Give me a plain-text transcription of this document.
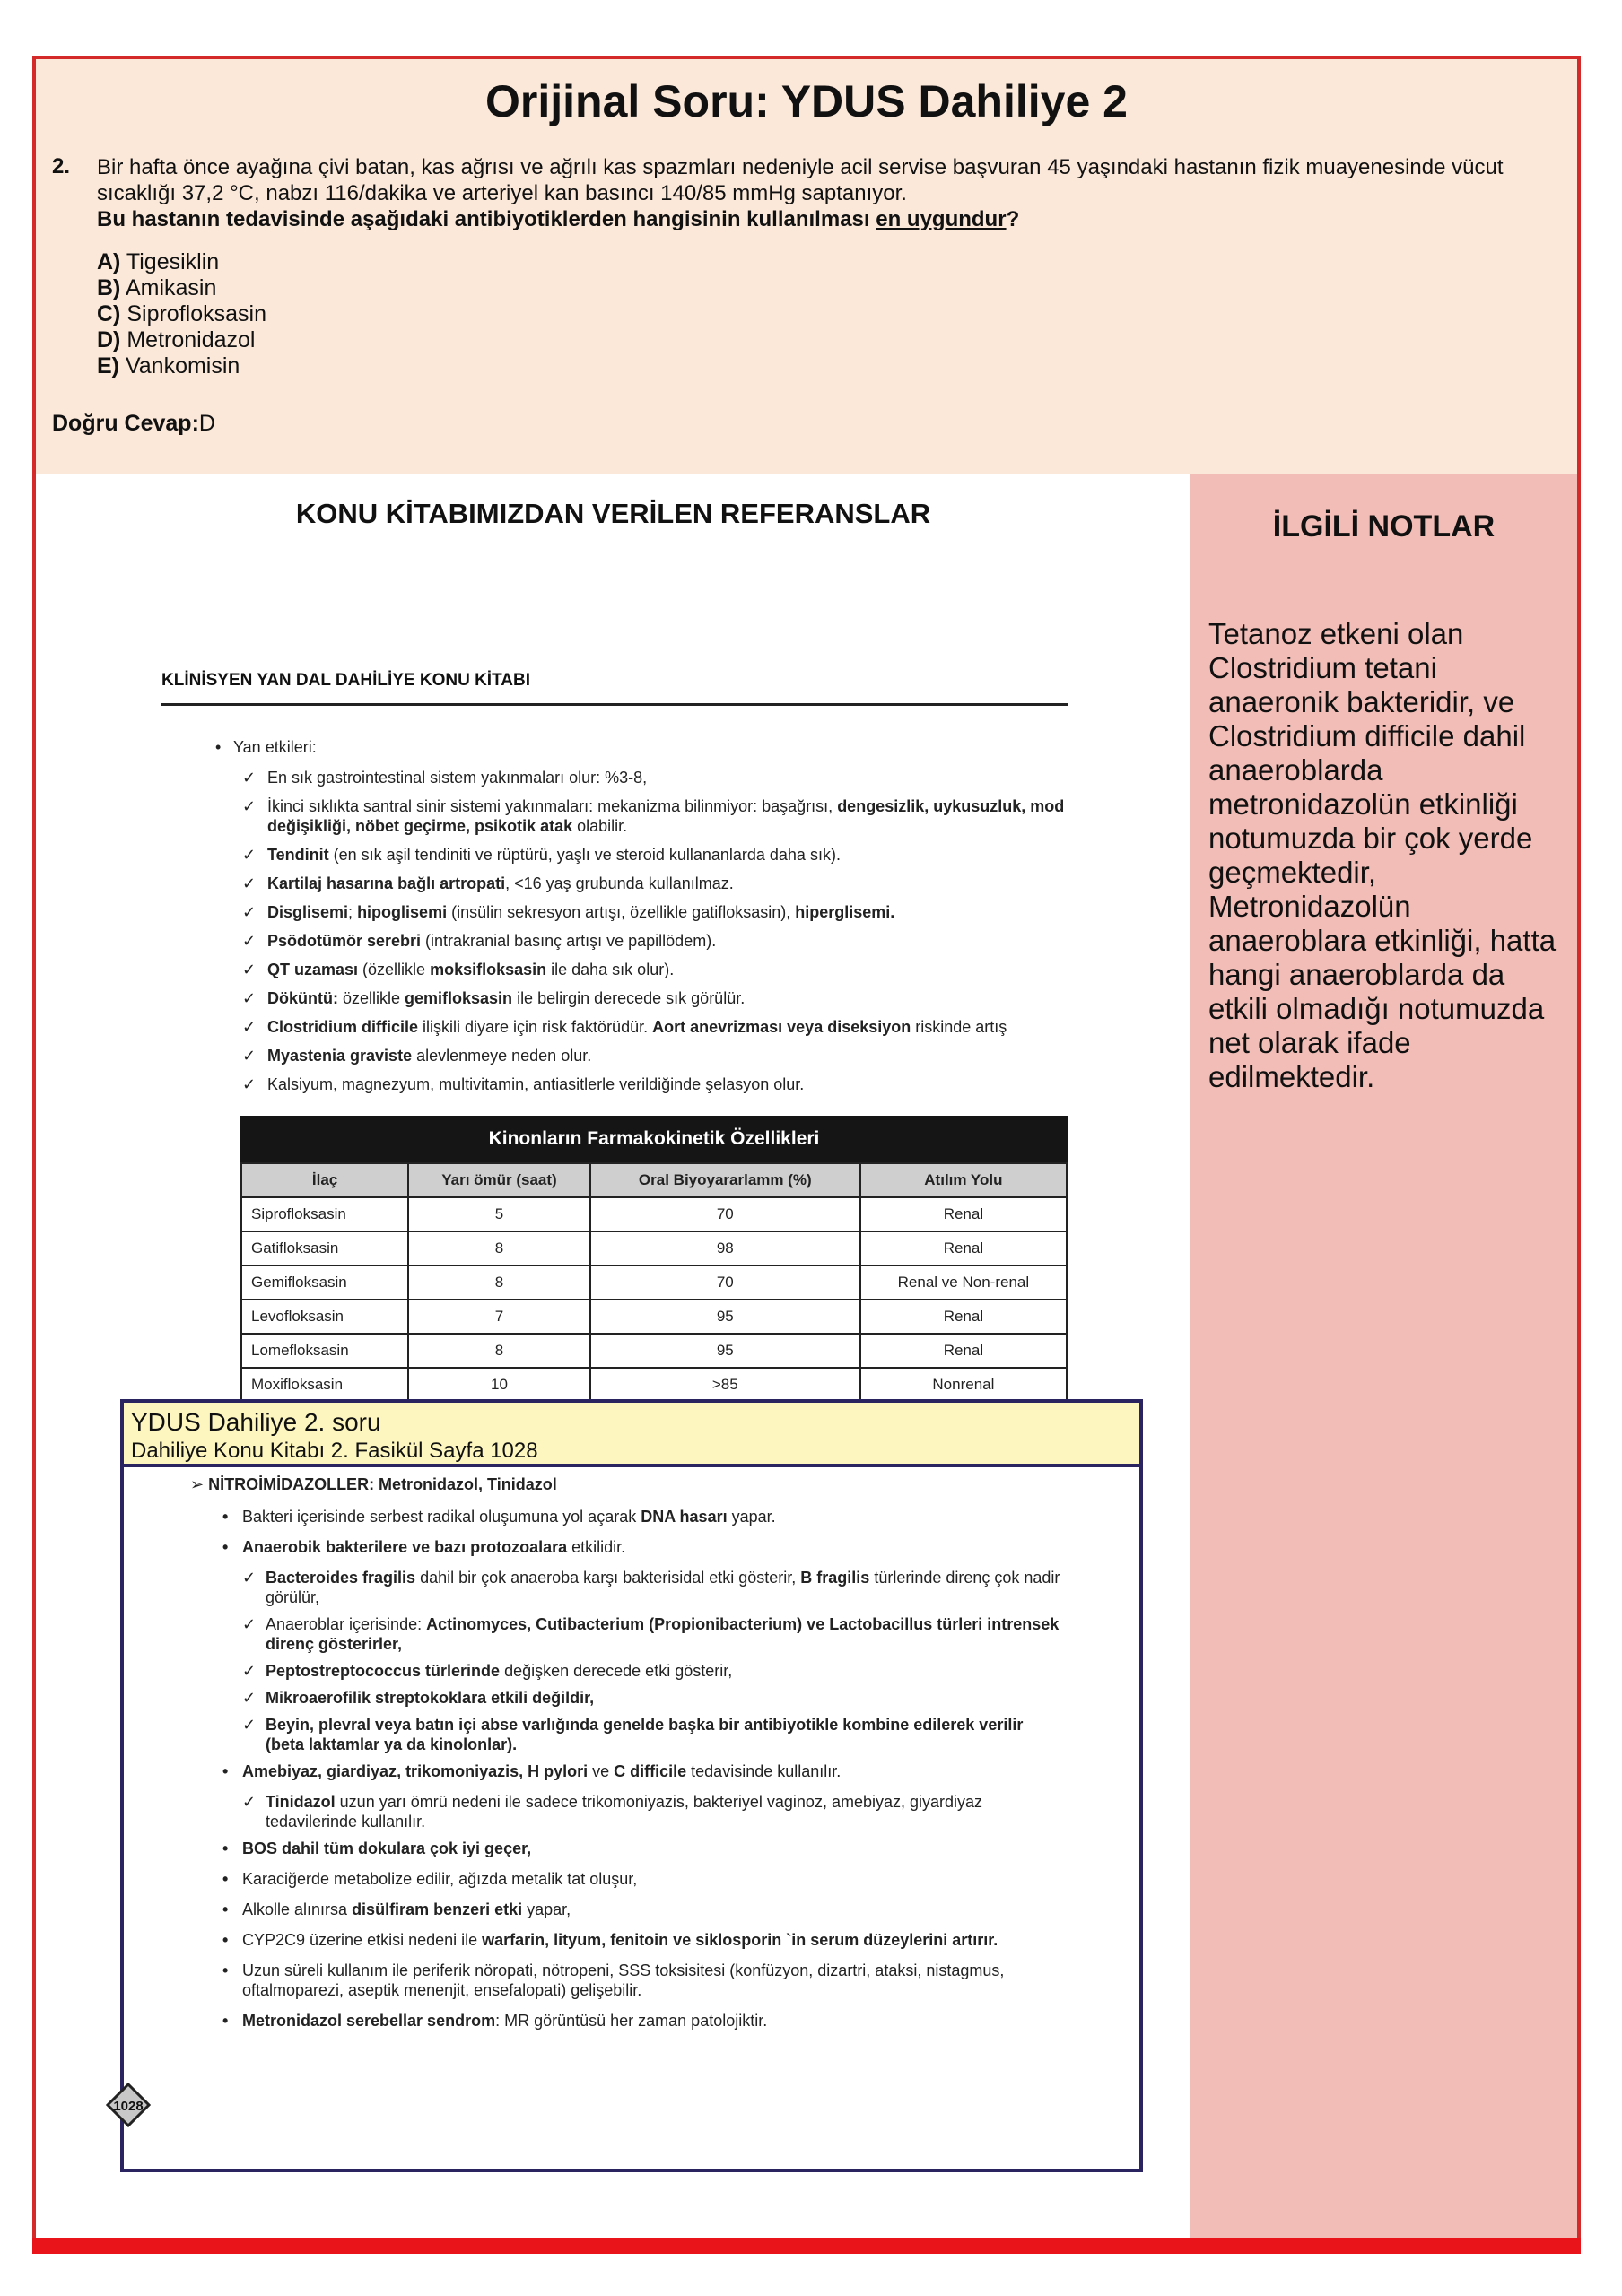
Orijinal Soru: YDUS Dahiliye 2
2. Bir hafta önce ayağına çivi batan, kas ağrısı ve ağrılı kas spazmları nedeniyle acil servise başvuran 45 yaşındaki hastanın fizik muayenesinde vücut sıcaklığı 37,2 °C, nabzı 116/dakika ve arteriyel kan basıncı 140/85 mmHg saptanıyor.
Bu hastanın tedavisinde aşağıdaki antibiyotiklerden hangisinin kullanılması en uygundur?
A) Tigesiklin
B) Amikasin
C) Siprofloksasin
D) Metronidazol
E) Vankomisin
Doğru Cevap:D
KONU KİTABIMIZDAN VERİLEN REFERANSLAR
KLİNİSYEN YAN DAL DAHİLİYE KONU KİTABI
• Yan etkileri:
✓ En sık gastrointestinal sistem yakınmaları olur: %3-8,
✓ İkinci sıklıkta santral sinir sistemi yakınmaları: mekanizma bilinmiyor: başağrısı, dengesizlik, uykusuzluk, mod değişikliği, nöbet geçirme, psikotik atak olabilir.
✓ Tendinit (en sık aşil tendiniti ve rüptürü, yaşlı ve steroid kullananlarda daha sık).
✓ Kartilaj hasarına bağlı artropati, <16 yaş grubunda kullanılmaz.
✓ Disglisemi; hipoglisemi (insülin sekresyon artışı, özellikle gatifloksasin), hiperglisemi.
✓ Psödotümör serebri (intrakranial basınç artışı ve papillödem).
✓ QT uzaması (özellikle moksifloksasin ile daha sık olur).
✓ Döküntü: özellikle gemifloksasin ile belirgin derecede sık görülür.
✓ Clostridium difficile ilişkili diyare için risk faktörüdür. Aort anevrizması veya diseksiyon riskinde artış
✓ Myastenia graviste alevlenmeye neden olur.
✓ Kalsiyum, magnezyum, multivitamin, antiasitlerle verildiğinde şelasyon olur.
Kinonların Farmakokinetik Özellikleri
İlaç	Yarı ömür (saat)	Oral Biyoyararlamm (%)	Atılım Yolu
Siprofloksasin	5	70	Renal
Gatifloksasin	8	98	Renal
Gemifloksasin	8	70	Renal ve Non-renal
Levofloksasin	7	95	Renal
Lomefloksasin	8	95	Renal
Moxifloksasin	10	>85	Nonrenal
İLGİLİ NOTLAR
Tetanoz etkeni olan Clostridium tetani anaeronik bakteridir, ve Clostridium difficile dahil anaeroblarda metronidazolün etkinliği notumuzda bir çok yerde geçmektedir, Metronidazolün anaeroblara etkinliği, hatta hangi anaeroblarda da etkili olmadığı notumuzda net olarak ifade edilmektedir.
YDUS Dahiliye 2. soru
Dahiliye Konu Kitabı 2. Fasikül Sayfa 1028
➢ NİTROİMİDAZOLLER: Metronidazol, Tinidazol
• Bakteri içerisinde serbest radikal oluşumuna yol açarak DNA hasarı yapar.
• Anaerobik bakterilere ve bazı protozoalara etkilidir.
✓ Bacteroides fragilis dahil bir çok anaeroba karşı bakterisidal etki gösterir, B fragilis türlerinde direnç çok nadir görülür,
✓ Anaeroblar içerisinde: Actinomyces, Cutibacterium (Propionibacterium) ve Lactobacillus türleri intrensek direnç gösterirler,
✓ Peptostreptococcus türlerinde değişken derecede etki gösterir,
✓ Mikroaerofilik streptokoklara etkili değildir,
✓ Beyin, plevral veya batın içi abse varlığında genelde başka bir antibiyotikle kombine edilerek verilir (beta laktamlar ya da kinolonlar).
• Amebiyaz, giardiyaz, trikomoniyazis, H pylori ve C difficile tedavisinde kullanılır.
✓ Tinidazol uzun yarı ömrü nedeni ile sadece trikomoniyazis, bakteriyel vaginoz, amebiyaz, giyardiyaz tedavilerinde kullanılır.
• BOS dahil tüm dokulara çok iyi geçer,
• Karaciğerde metabolize edilir, ağızda metalik tat oluşur,
• Alkolle alınırsa disülfiram benzeri etki yapar,
• CYP2C9 üzerine etkisi nedeni ile warfarin, lityum, fenitoin ve siklosporin `in serum düzeylerini artırır.
• Uzun süreli kullanım ile periferik nöropati, nötropeni, SSS toksisitesi (konfüzyon, dizartri, ataksi, nistagmus, oftalmoparezi, aseptik menenjit, ensefalopati) gelişebilir.
• Metronidazol serebellar sendrom: MR görüntüsü her zaman patolojiktir.
1028
